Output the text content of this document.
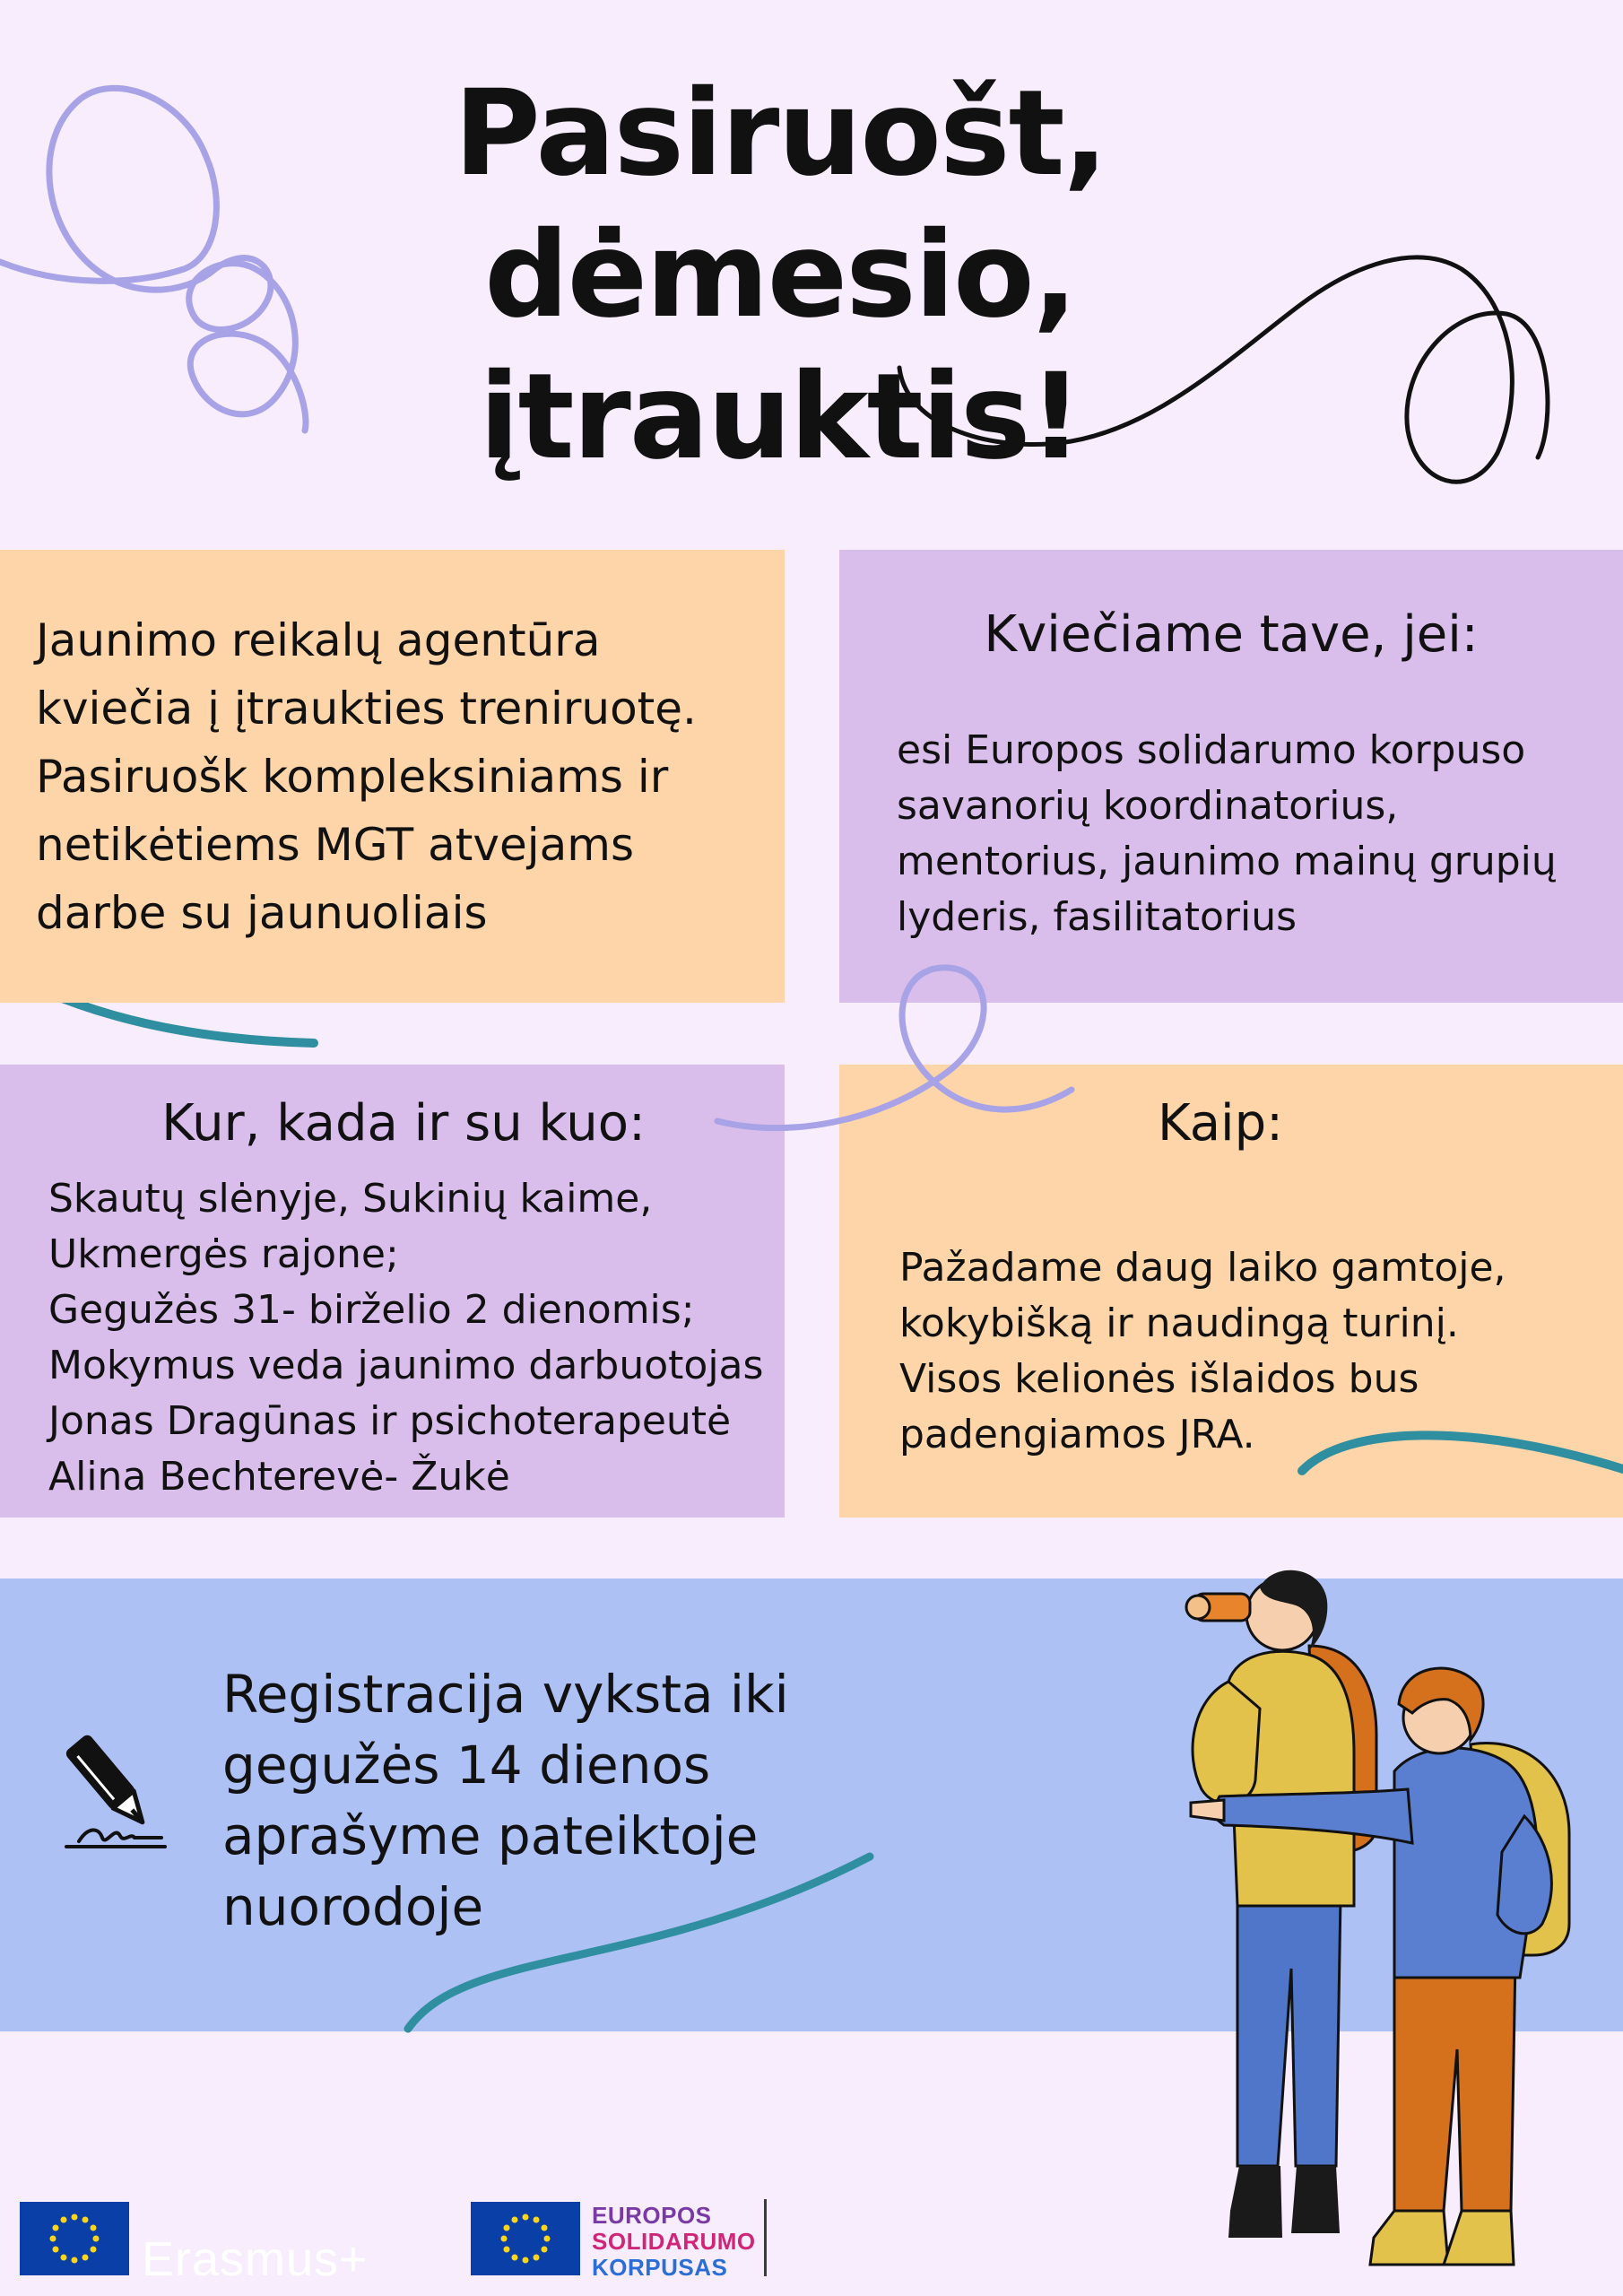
Pasiruošt, dėmesio,
įtrauktis!
Jaunimo reikalų agentūra
kviečia į įtraukties treniruotę.
Pasiruošk kompleksiniams ir
netikėtiems MGT atvejams
darbe su jaunuoliais
Kviečiame tave, jei:
esi Europos solidarumo korpuso
savanorių koordinatorius,
mentorius, jaunimo mainų grupių
lyderis, fasilitatorius
Kur, kada ir su kuo:
Skautų slėnyje, Sukinių kaime,
Ukmergės rajone;
Gegužės 31- birželio 2 dienomis;
Mokymus veda jaunimo darbuotojas
Jonas Dragūnas ir psichoterapeutė
Alina Bechterevė- Žukė
Kaip:
Pažadame daug laiko gamtoje,
kokybišką ir naudingą turinį.
Visos kelionės išlaidos bus
padengiamos JRA.
Registracija vyksta iki
gegužės 14 dienos
aprašyme pateiktoje
nuorodoje
Erasmus+
EUROPOS
SOLIDARUMO
KORPUSAS
